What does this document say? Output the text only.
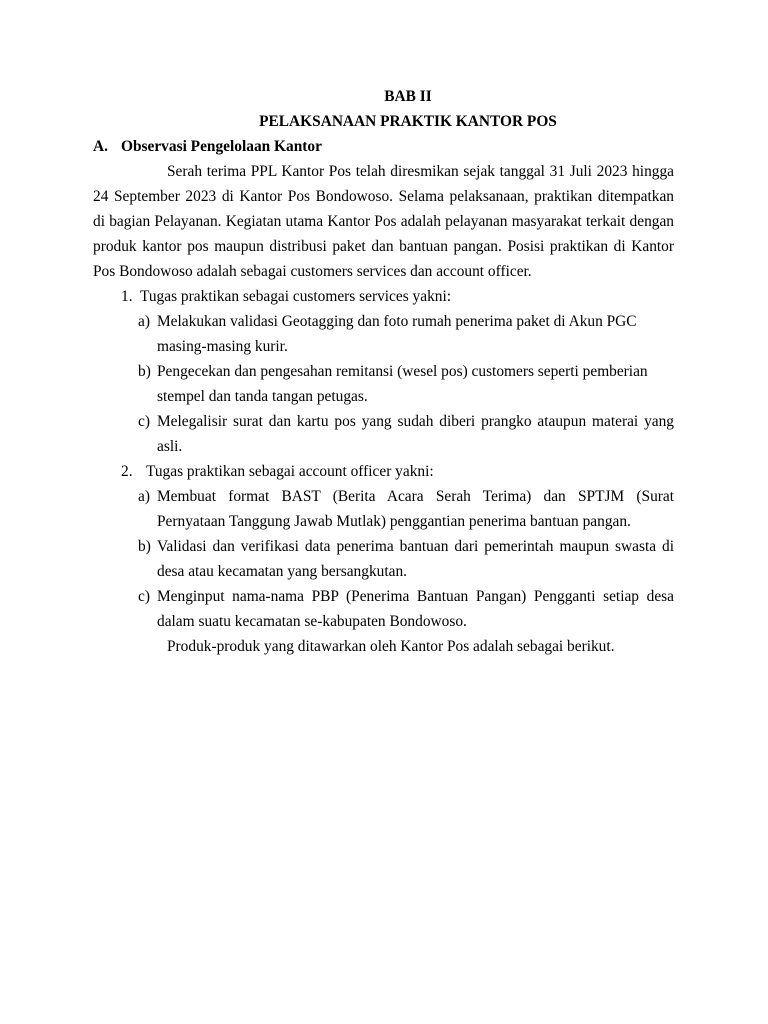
BAB II
PELAKSANAAN PRAKTIK KANTOR POS
A. Observasi Pengelolaan Kantor
Serah terima PPL Kantor Pos telah diresmikan sejak tanggal 31 Juli 2023 hingga
24 September 2023 di Kantor Pos Bondowoso. Selama pelaksanaan, praktikan ditempatkan
di bagian Pelayanan. Kegiatan utama Kantor Pos adalah pelayanan masyarakat terkait dengan
produk kantor pos maupun distribusi paket dan bantuan pangan. Posisi praktikan di Kantor
Pos Bondowoso adalah sebagai customers services dan account officer.
1. Tugas praktikan sebagai customers services yakni:
a) Melakukan validasi Geotagging dan foto rumah penerima paket di Akun PGC
masing-masing kurir.
b) Pengecekan dan pengesahan remitansi (wesel pos) customers seperti pemberian
stempel dan tanda tangan petugas.
c) Melegalisir surat dan kartu pos yang sudah diberi prangko ataupun materai yang
asli.
2. Tugas praktikan sebagai account officer yakni:
a) Membuat format BAST (Berita Acara Serah Terima) dan SPTJM (Surat
Pernyataan Tanggung Jawab Mutlak) penggantian penerima bantuan pangan.
b) Validasi dan verifikasi data penerima bantuan dari pemerintah maupun swasta di
desa atau kecamatan yang bersangkutan.
c) Menginput nama-nama PBP (Penerima Bantuan Pangan) Pengganti setiap desa
dalam suatu kecamatan se-kabupaten Bondowoso.
Produk-produk yang ditawarkan oleh Kantor Pos adalah sebagai berikut.
